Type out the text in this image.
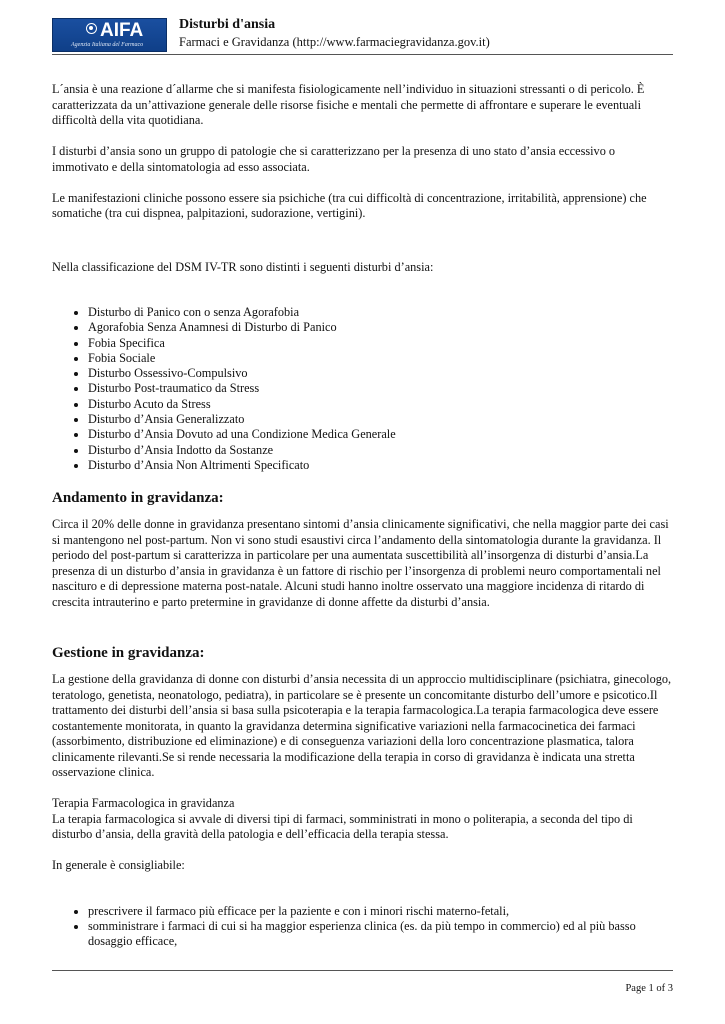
AIFA
Agenzia Italiana del Farmaco
Disturbi d'ansia
Farmaci e Gravidanza (http://www.farmaciegravidanza.gov.it)

L´ansia è una reazione d´allarme che si manifesta fisiologicamente nell’individuo in situazioni stressanti o di pericolo. È caratterizzata da un’attivazione generale delle risorse fisiche e mentali che permette di affrontare e superare le eventuali difficoltà della vita quotidiana.

I disturbi d’ansia sono un gruppo di patologie che si caratterizzano per la presenza di uno stato d’ansia eccessivo o immotivato e della sintomatologia ad esso associata.

Le manifestazioni cliniche possono essere sia psichiche (tra cui difficoltà di concentrazione, irritabilità, apprensione) che somatiche (tra cui dispnea, palpitazioni, sudorazione, vertigini).

Nella classificazione del DSM IV-TR sono distinti i seguenti disturbi d’ansia:

• Disturbo di Panico con o senza Agorafobia
• Agorafobia Senza Anamnesi di Disturbo di Panico
• Fobia Specifica
• Fobia Sociale
• Disturbo Ossessivo-Compulsivo
• Disturbo Post-traumatico da Stress
• Disturbo Acuto da Stress
• Disturbo d’Ansia Generalizzato
• Disturbo d’Ansia Dovuto ad una Condizione Medica Generale
• Disturbo d’Ansia Indotto da Sostanze
• Disturbo d’Ansia Non Altrimenti Specificato
Andamento in gravidanza:

Circa il 20% delle donne in gravidanza presentano sintomi d’ansia clinicamente significativi, che nella maggior parte dei casi si mantengono nel post-partum. Non vi sono studi esaustivi circa l’andamento della sintomatologia durante la gravidanza. Il periodo del post-partum si caratterizza in particolare per una aumentata suscettibilità all’insorgenza di disturbi d’ansia.La presenza di un disturbo d’ansia in gravidanza è un fattore di rischio per l’insorgenza di problemi neuro comportamentali nel nascituro e di depressione materna post-natale. Alcuni studi hanno inoltre osservato una maggiore incidenza di ritardo di crescita intrauterino e parto pretermine in gravidanze di donne affette da disturbi d’ansia.

Gestione in gravidanza:

La gestione della gravidanza di donne con disturbi d’ansia necessita di un approccio multidisciplinare (psichiatra, ginecologo, teratologo, genetista, neonatologo, pediatra), in particolare se è presente un concomitante disturbo dell’umore e psicotico.Il trattamento dei disturbi dell’ansia si basa sulla psicoterapia e la terapia farmacologica.La terapia farmacologica deve essere costantemente monitorata, in quanto la gravidanza determina significative variazioni nella farmacocinetica dei farmaci (assorbimento, distribuzione ed eliminazione) e di conseguenza variazioni della loro concentrazione plasmatica, talora clinicamente rilevanti.Se si rende necessaria la modificazione della terapia in corso di gravidanza è indicata una stretta osservazione clinica.

Terapia Farmacologica in gravidanza

La terapia farmacologica si avvale di diversi tipi di farmaci, somministrati in mono o politerapia, a seconda del tipo di disturbo d’ansia, della gravità della patologia e dell’efficacia della terapia stessa.

In generale è consigliabile:

• prescrivere il farmaco più efficace per la paziente e con i minori rischi materno-fetali,
• somministrare i farmaci di cui si ha maggior esperienza clinica (es. da più tempo in commercio) ed al più basso dosaggio efficace,
Page 1 of 3
